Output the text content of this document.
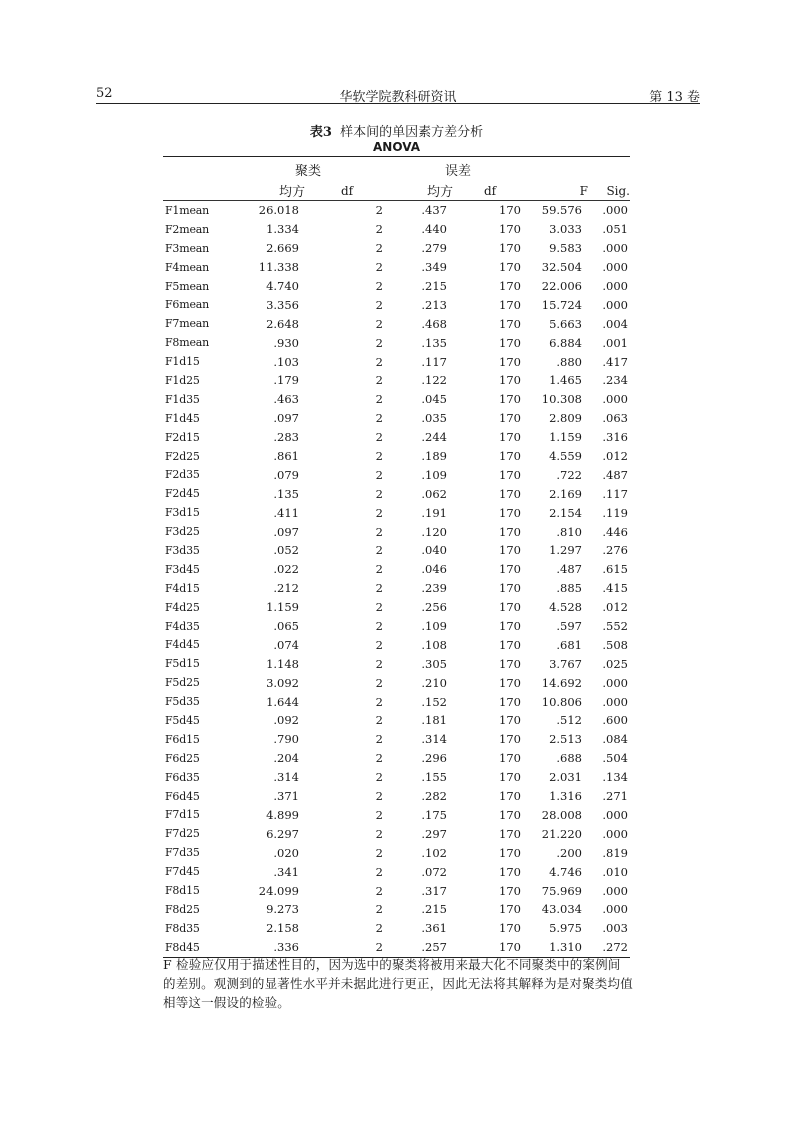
52	华软学院教科研资讯	第 13 卷
表3 样本间的单因素方差分析
ANOVA
	聚类		误差			
	均方	df	均方	df	F	Sig.
F1mean	26.018	2	.437	170	59.576	.000
F2mean	1.334	2	.440	170	3.033	.051
F3mean	2.669	2	.279	170	9.583	.000
F4mean	11.338	2	.349	170	32.504	.000
F5mean	4.740	2	.215	170	22.006	.000
F6mean	3.356	2	.213	170	15.724	.000
F7mean	2.648	2	.468	170	5.663	.004
F8mean	.930	2	.135	170	6.884	.001
F1d15	.103	2	.117	170	.880	.417
F1d25	.179	2	.122	170	1.465	.234
F1d35	.463	2	.045	170	10.308	.000
F1d45	.097	2	.035	170	2.809	.063
F2d15	.283	2	.244	170	1.159	.316
F2d25	.861	2	.189	170	4.559	.012
F2d35	.079	2	.109	170	.722	.487
F2d45	.135	2	.062	170	2.169	.117
F3d15	.411	2	.191	170	2.154	.119
F3d25	.097	2	.120	170	.810	.446
F3d35	.052	2	.040	170	1.297	.276
F3d45	.022	2	.046	170	.487	.615
F4d15	.212	2	.239	170	.885	.415
F4d25	1.159	2	.256	170	4.528	.012
F4d35	.065	2	.109	170	.597	.552
F4d45	.074	2	.108	170	.681	.508
F5d15	1.148	2	.305	170	3.767	.025
F5d25	3.092	2	.210	170	14.692	.000
F5d35	1.644	2	.152	170	10.806	.000
F5d45	.092	2	.181	170	.512	.600
F6d15	.790	2	.314	170	2.513	.084
F6d25	.204	2	.296	170	.688	.504
F6d35	.314	2	.155	170	2.031	.134
F6d45	.371	2	.282	170	1.316	.271
F7d15	4.899	2	.175	170	28.008	.000
F7d25	6.297	2	.297	170	21.220	.000
F7d35	.020	2	.102	170	.200	.819
F7d45	.341	2	.072	170	4.746	.010
F8d15	24.099	2	.317	170	75.969	.000
F8d25	9.273	2	.215	170	43.034	.000
F8d35	2.158	2	.361	170	5.975	.003
F8d45	.336	2	.257	170	1.310	.272
F 检验应仅用于描述性目的，因为选中的聚类将被用来最大化不同聚类中的案例间的差别。观测到的显著性水平并未据此进行更正，因此无法将其解释为是对聚类均值相等这一假设的检验。
